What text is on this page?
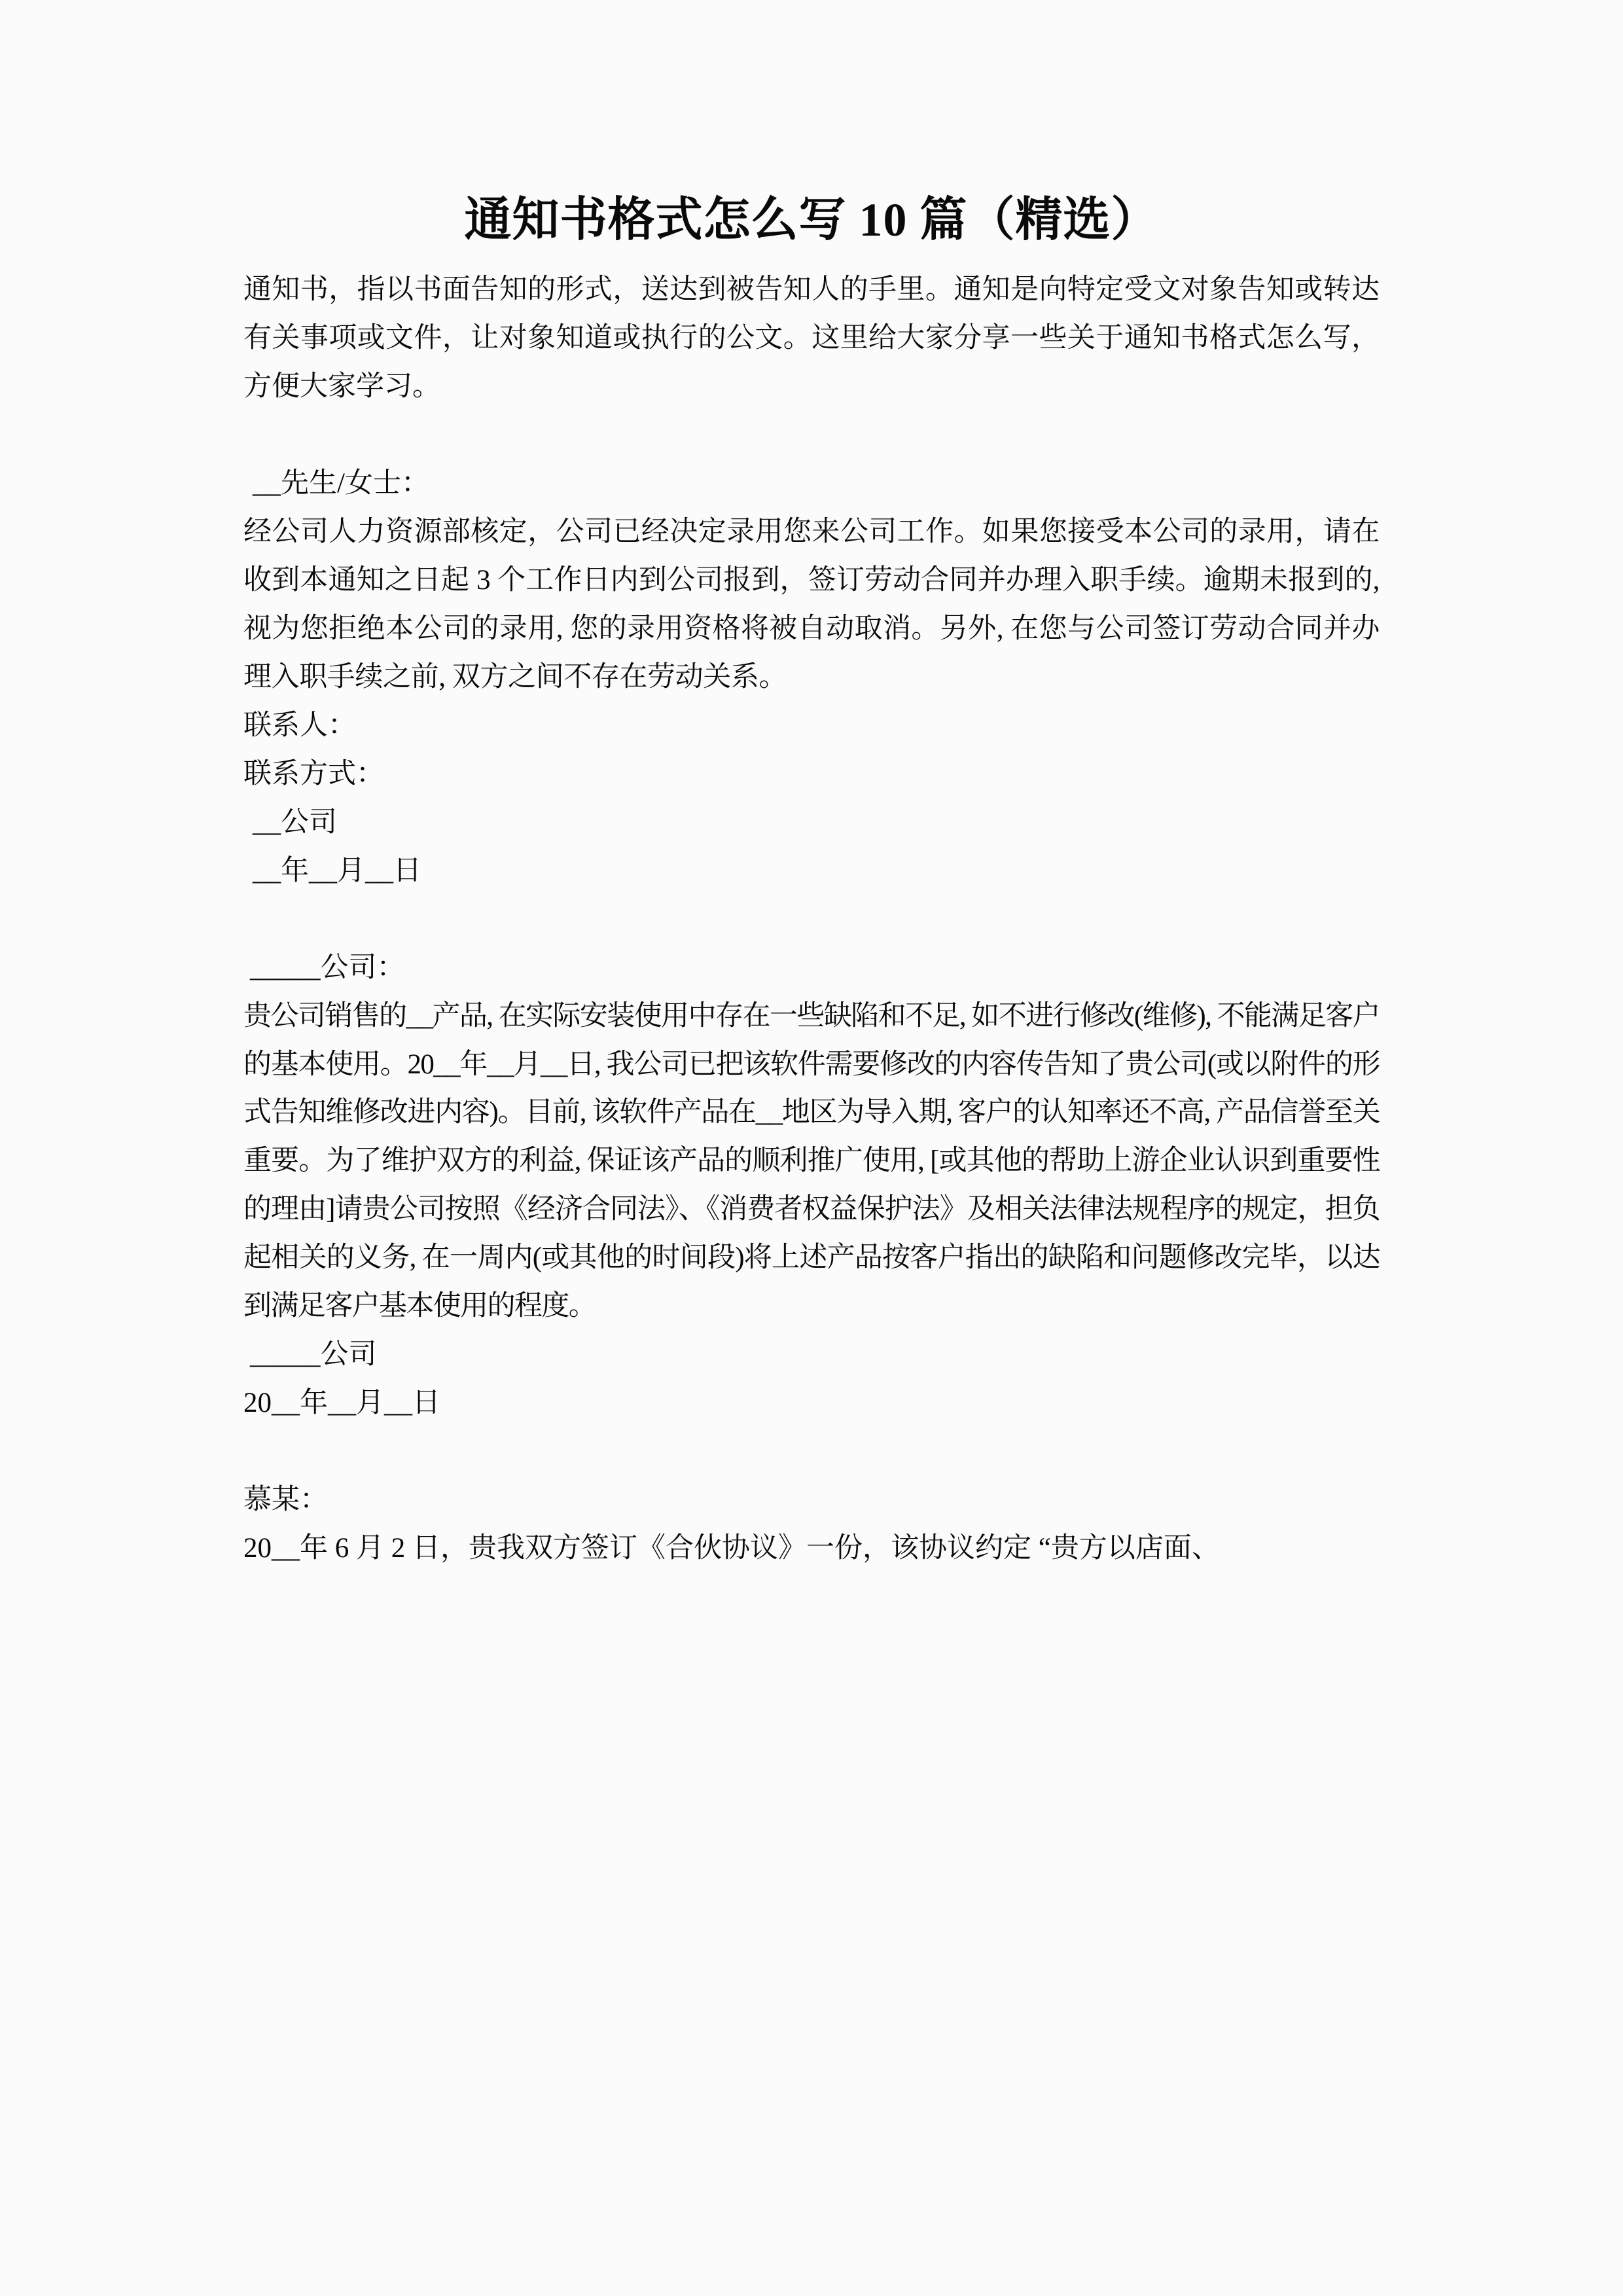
通知书格式怎么写 10 篇（精选）

通知书，指以书面告知的形式，送达到被告知人的手里。通知是向特定受文对象告知或转达有关事项或文件，让对象知道或执行的公文。这里给大家分享一些关于通知书格式怎么写，方便大家学习。

__先生/女士：

经公司人力资源部核定，公司已经决定录用您来公司工作。如果您接受本公司的录用，请在收到本通知之日起 3 个工作日内到公司报到，签订劳动合同并办理入职手续。逾期未报到的, 视为您拒绝本公司的录用, 您的录用资格将被自动取消。另外, 在您与公司签订劳动合同并办理入职手续之前, 双方之间不存在劳动关系。

联系人：

联系方式：

__公司

__年__月__日

_____公司：

贵公司销售的__产品, 在实际安装使用中存在一些缺陷和不足, 如不进行修改(维修), 不能满足客户的基本使用。20__年__月__日, 我公司已把该软件需要修改的内容传告知了贵公司(或以附件的形式告知维修改进内容)。目前, 该软件产品在__地区为导入期, 客户的认知率还不高, 产品信誉至关重要。为了维护双方的利益, 保证该产品的顺利推广使用, [或其他的帮助上游企业认识到重要性的理由]请贵公司按照《经济合同法》、《消费者权益保护法》及相关法律法规程序的规定，担负起相关的义务, 在一周内(或其他的时间段)将上述产品按客户指出的缺陷和问题修改完毕，以达到满足客户基本使用的程度。

_____公司

20__年__月__日

慕某：

20__年 6 月 2 日，贵我双方签订《合伙协议》一份，该协议约定 “贵方以店面、
